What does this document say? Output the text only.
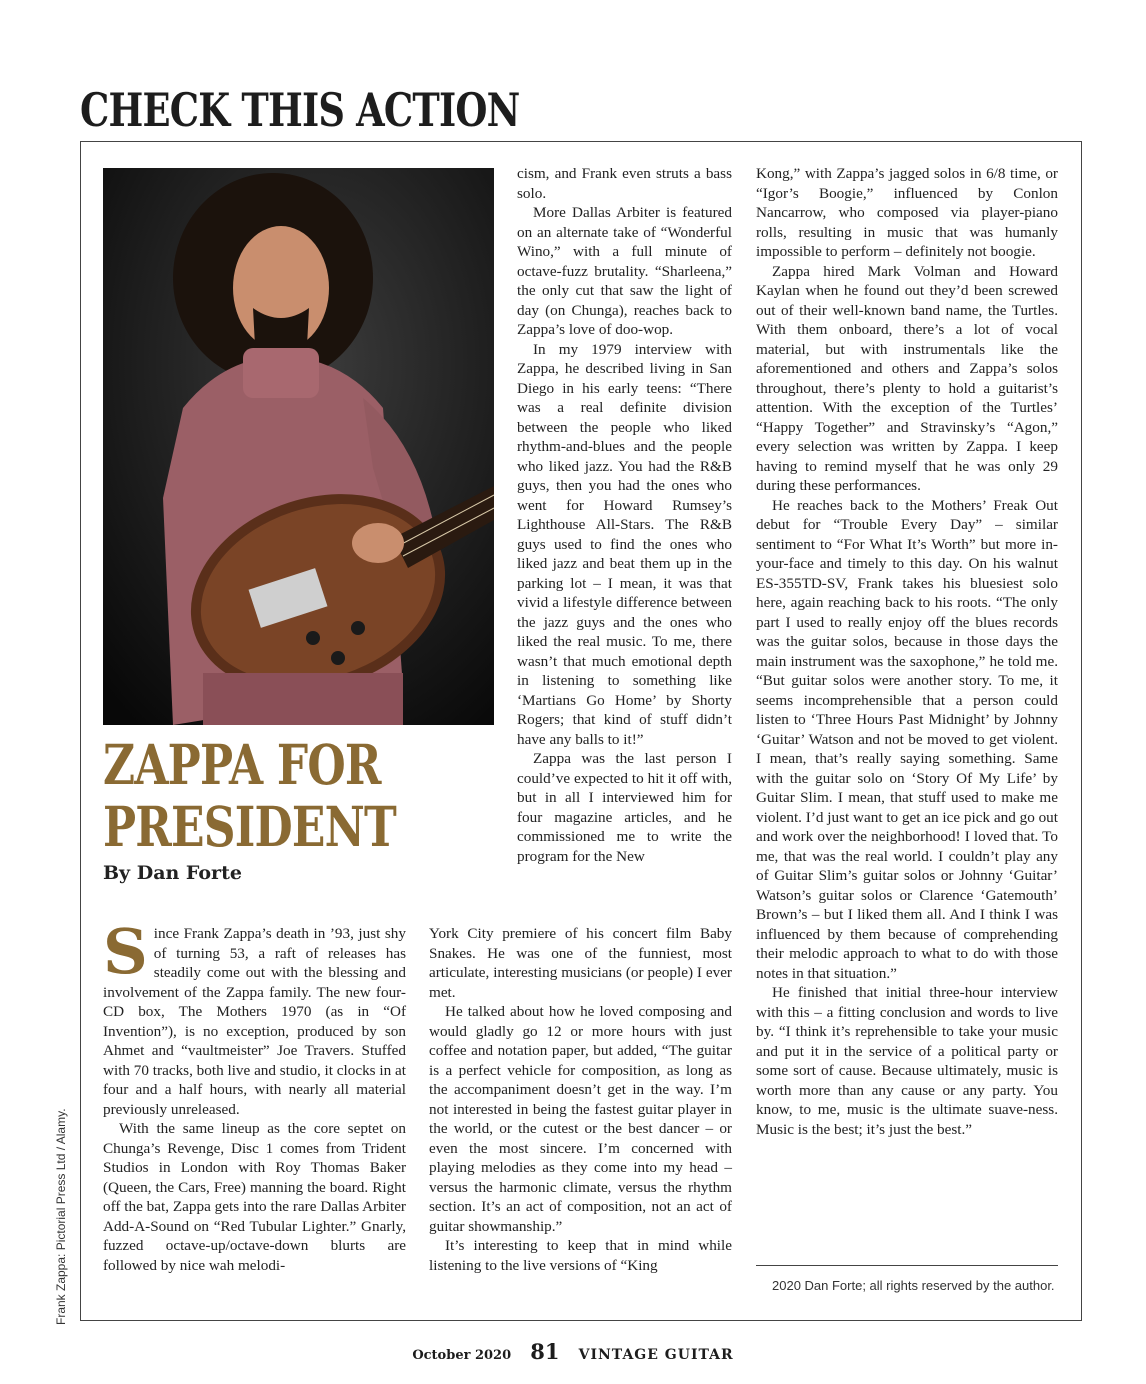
CHECK THIS ACTION
Frank Zappa: Pictorial Press Ltd / Alamy.
ZAPPA FOR
PRESIDENT
By Dan Forte

Since Frank Zappa’s death in ’93, just shy of turning 53, a raft of releases has steadily come out with the blessing and involvement of the Zappa family. The new four-CD box, The Mothers 1970 (as in “Of Invention”), is no exception, produced by son Ahmet and “vaultmeister” Joe Travers. Stuffed with 70 tracks, both live and studio, it clocks in at four and a half hours, with nearly all material previously unreleased.

With the same lineup as the core septet on Chunga’s Revenge, Disc 1 comes from Trident Studios in London with Roy Thomas Baker (Queen, the Cars, Free) manning the board. Right off the bat, Zappa gets into the rare Dallas Arbiter Add-A-Sound on “Red Tubular Lighter.” Gnarly, fuzzed octave-up/octave-down blurts are followed by nice wah melodi-

cism, and Frank even struts a bass solo.

More Dallas Arbiter is featured on an alternate take of “Wonderful Wino,” with a full minute of octave-fuzz brutality. “Sharleena,” the only cut that saw the light of day (on Chunga), reaches back to Zappa’s love of doo-wop.

In my 1979 interview with Zappa, he described living in San Diego in his early teens: “There was a real definite division between the people who liked rhythm-and-blues and the people who liked jazz. You had the R&B guys, then you had the ones who went for Howard Rumsey’s Lighthouse All-Stars. The R&B guys used to find the ones who liked jazz and beat them up in the parking lot – I mean, it was that vivid a lifestyle difference between the jazz guys and the ones who liked the real music. To me, there wasn’t that much emotional depth in listening to something like ‘Martians Go Home’ by Shorty Rogers; that kind of stuff didn’t have any balls to it!”

Zappa was the last person I could’ve expected to hit it off with, but in all I interviewed him for four magazine articles, and he commissioned me to write the program for the New

York City premiere of his concert film Baby Snakes. He was one of the funniest, most articulate, interesting musicians (or people) I ever met.

He talked about how he loved composing and would gladly go 12 or more hours with just coffee and notation paper, but added, “The guitar is a perfect vehicle for composition, as long as the accompaniment doesn’t get in the way. I’m not interested in being the fastest guitar player in the world, or the cutest or the best dancer – or even the most sincere. I’m concerned with playing melodies as they come into my head – versus the harmonic climate, versus the rhythm section. It’s an act of composition, not an act of guitar showmanship.”

It’s interesting to keep that in mind while listening to the live versions of “King

Kong,” with Zappa’s jagged solos in 6/8 time, or “Igor’s Boogie,” influenced by Conlon Nancarrow, who composed via player-piano rolls, resulting in music that was humanly impossible to perform – definitely not boogie.

Zappa hired Mark Volman and Howard Kaylan when he found out they’d been screwed out of their well-known band name, the Turtles. With them onboard, there’s a lot of vocal material, but with instrumentals like the aforementioned and others and Zappa’s solos throughout, there’s plenty to hold a guitarist’s attention. With the exception of the Turtles’ “Happy Together” and Stravinsky’s “Agon,” every selection was written by Zappa. I keep having to remind myself that he was only 29 during these performances.

He reaches back to the Mothers’ Freak Out debut for “Trouble Every Day” – similar sentiment to “For What It’s Worth” but more in-your-face and timely to this day. On his walnut ES-355TD-SV, Frank takes his bluesiest solo here, again reaching back to his roots. “The only part I used to really enjoy off the blues records was the guitar solos, because in those days the main instrument was the saxophone,” he told me. “But guitar solos were another story. To me, it seems incomprehensible that a person could listen to ‘Three Hours Past Midnight’ by Johnny ‘Guitar’ Watson and not be moved to get violent. I mean, that’s really saying something. Same with the guitar solo on ‘Story Of My Life’ by Guitar Slim. I mean, that stuff used to make me violent. I’d just want to get an ice pick and go out and work over the neighborhood! I loved that. To me, that was the real world. I couldn’t play any of Guitar Slim’s guitar solos or Johnny ‘Guitar’ Watson’s guitar solos or Clarence ‘Gatemouth’ Brown’s – but I liked them all. And I think I was influenced by them because of comprehending their melodic approach to what to do with those notes in that situation.”

He finished that initial three-hour interview with this – a fitting conclusion and words to live by. “I think it’s reprehensible to take your music and put it in the service of a political party or some sort of cause. Because ultimately, music is worth more than any cause or any party. You know, to me, music is the ultimate suave-ness. Music is the best; it’s just the best.”

2020 Dan Forte; all rights reserved by the author.
October 2020 81 VINTAGE GUITAR
